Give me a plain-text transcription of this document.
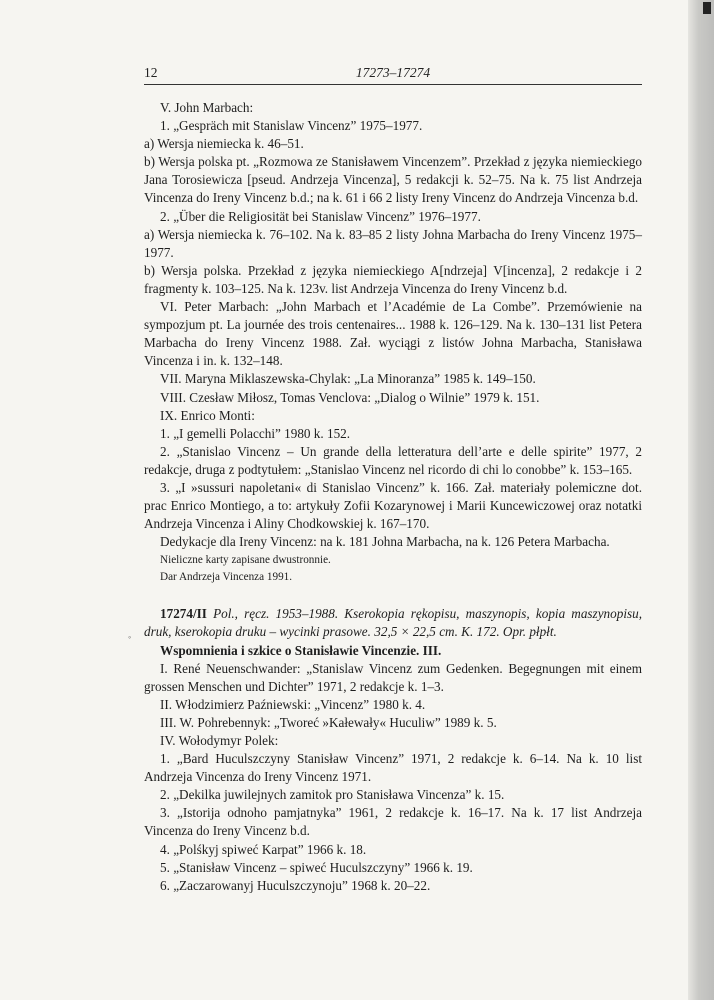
12	17273–17274
◦

V. John Marbach:

1. „Gespräch mit Stanislaw Vincenz” 1975–1977.

a) Wersja niemiecka k. 46–51.

b) Wersja polska pt. „Rozmowa ze Stanisławem Vincenzem”. Przekład z języka niemieckiego Jana Torosiewicza [pseud. Andrzeja Vincenza], 5 redakcji k. 52–75. Na k. 75 list Andrzeja Vincenza do Ireny Vincenz b.d.; na k. 61 i 66 2 listy Ireny Vincenz do Andrzeja Vincenza b.d.

2. „Über die Religiosität bei Stanislaw Vincenz” 1976–1977.

a) Wersja niemiecka k. 76–102. Na k. 83–85 2 listy Johna Marbacha do Ireny Vincenz 1975–1977.

b) Wersja polska. Przekład z języka niemieckiego A[ndrzeja] V[incenza], 2 redakcje i 2 fragmenty k. 103–125. Na k. 123v. list Andrzeja Vincenza do Ireny Vincenz b.d.

VI. Peter Marbach: „John Marbach et l’Académie de La Combe”. Przemówienie na sympozjum pt. La journée des trois centenaires... 1988 k. 126–129. Na k. 130–131 list Petera Marbacha do Ireny Vincenz 1988. Zał. wyciągi z listów Johna Marbacha, Stanisława Vincenza i in. k. 132–148.

VII. Maryna Miklaszewska-Chylak: „La Minoranza” 1985 k. 149–150.

VIII. Czesław Miłosz, Tomas Venclova: „Dialog o Wilnie” 1979 k. 151.

IX. Enrico Monti:

1. „I gemelli Polacchi” 1980 k. 152.

2. „Stanislao Vincenz – Un grande della letteratura dell’arte e delle spirite” 1977, 2 redakcje, druga z podtytułem: „Stanislao Vincenz nel ricordo di chi lo conobbe” k. 153–165.

3. „I »sussuri napoletani« di Stanislao Vincenz” k. 166. Zał. materiały polemiczne dot. prac Enrico Montiego, a to: artykuły Zofii Kozarynowej i Marii Kuncewiczowej oraz notatki Andrzeja Vincenza i Aliny Chodkowskiej k. 167–170.

Dedykacje dla Ireny Vincenz: na k. 181 Johna Marbacha, na k. 126 Petera Marbacha.

Nieliczne karty zapisane dwustronnie.

Dar Andrzeja Vincenza 1991.

17274/II Pol., ręcz. 1953–1988. Kserokopia rękopisu, maszynopis, kopia maszynopisu, druk, kserokopia druku – wycinki prasowe. 32,5 × 22,5 cm. K. 172. Opr. płpłt.

Wspomnienia i szkice o Stanisławie Vincenzie. III.

I. René Neuenschwander: „Stanislaw Vincenz zum Gedenken. Begegnungen mit einem grossen Menschen und Dichter” 1971, 2 redakcje k. 1–3.

II. Włodzimierz Paźniewski: „Vincenz” 1980 k. 4.

III. W. Pohrebennyk: „Tworeć »Kałewały« Huculiw” 1989 k. 5.

IV. Wołodymyr Polek:

1. „Bard Huculszczyny Stanisław Vincenz” 1971, 2 redakcje k. 6–14. Na k. 10 list Andrzeja Vincenza do Ireny Vincenz 1971.

2. „Dekilka juwilejnych zamitok pro Stanisława Vincenza” k. 15.

3. „Istorija odnoho pamjatnyka” 1961, 2 redakcje k. 16–17. Na k. 17 list Andrzeja Vincenza do Ireny Vincenz b.d.

4. „Polśkyj spiweć Karpat” 1966 k. 18.

5. „Stanisław Vincenz – spiweć Huculszczyny” 1966 k. 19.

6. „Zaczarowanyj Huculszczynoju” 1968 k. 20–22.
